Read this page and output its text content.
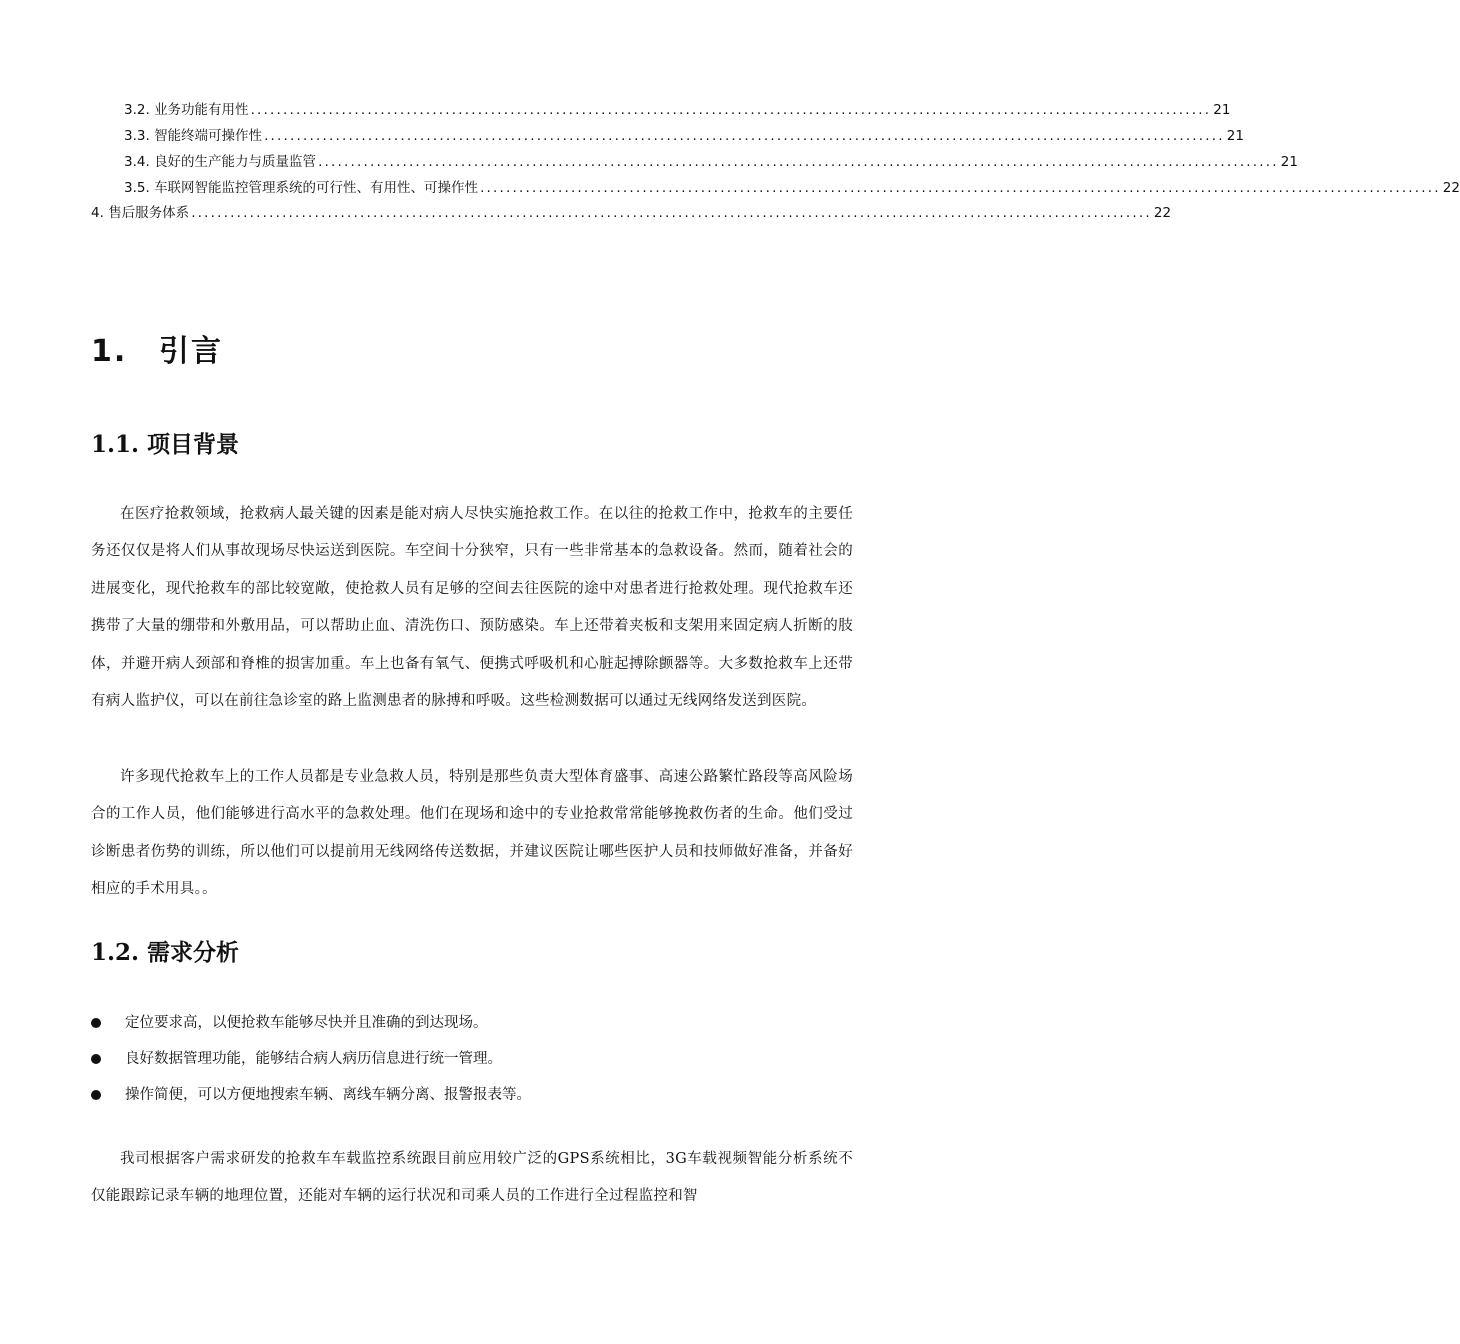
3.2.
业务功能有用性 .................................................................................................................................................... 21
3.3.
智能终端可操作性 .................................................................................................................................................... 21
3.4.
良好的生产能力与质量监管 .................................................................................................................................................... 21
3.5.
车联网智能监控管理系统的可行性、有用性、可操作性 .................................................................................................................................................... 22
4.
售后服务体系 .................................................................................................................................................... 22
1. 引言
1.1. 项目背景

在医疗抢救领域，抢救病人最关键的因素是能对病人尽快实施抢救工作。在以往的抢救工作中，抢救车的主要任务还仅仅是将人们从事故现场尽快运送到医院。车空间十分狭窄，只有一些非常基本的急救设备。然而，随着社会的进展变化，现代抢救车的部比较宽敞，使抢救人员有足够的空间去往医院的途中对患者进行抢救处理。现代抢救车还携带了大量的绷带和外敷用品，可以帮助止血、清洗伤口、预防感染。车上还带着夹板和支架用来固定病人折断的肢体，并避开病人颈部和脊椎的损害加重。车上也备有氧气、便携式呼吸机和心脏起搏除颤器等。大多数抢救车上还带有病人监护仪，可以在前往急诊室的路上监测患者的脉搏和呼吸。这些检测数据可以通过无线网络发送到医院。

许多现代抢救车上的工作人员都是专业急救人员，特别是那些负责大型体育盛事、高速公路繁忙路段等高风险场合的工作人员，他们能够进行高水平的急救处理。他们在现场和途中的专业抢救常常能够挽救伤者的生命。他们受过诊断患者伤势的训练，所以他们可以提前用无线网络传送数据，并建议医院让哪些医护人员和技师做好准备，并备好相应的手术用具。。

1.2. 需求分析
定位要求高，以便抢救车能够尽快并且准确的到达现场。
良好数据管理功能，能够结合病人病历信息进行统一管理。
操作简便，可以方便地搜索车辆、离线车辆分离、报警报表等。

我司根据客户需求研发的抢救车车载监控系统跟目前应用较广泛的GPS系统相比，3G车载视频智能分析系统不仅能跟踪记录车辆的地理位置，还能对车辆的运行状况和司乘人员的工作进行全过程监控和智
